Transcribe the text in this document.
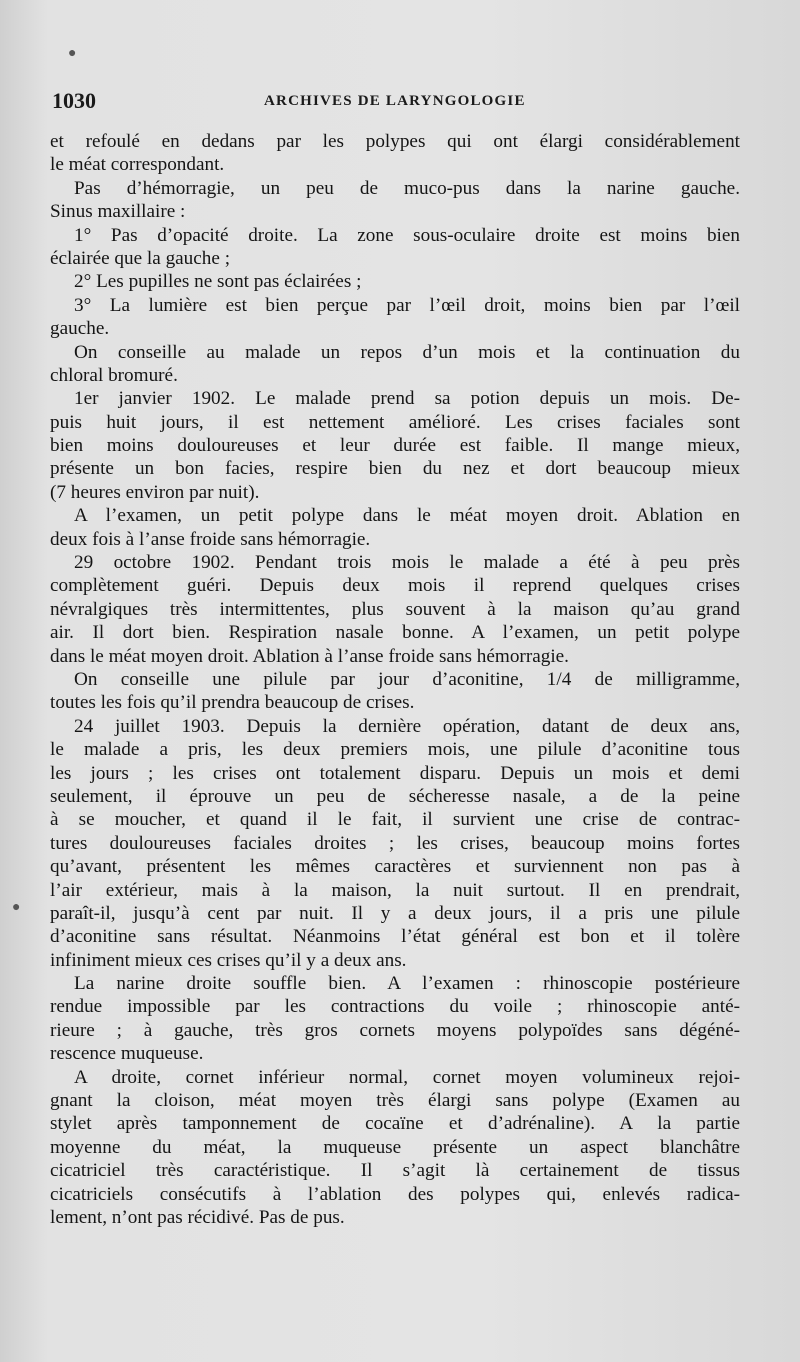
●
●
1030	ARCHIVES DE LARYNGOLOGIE
et refoulé en dedans par les polypes qui ont élargi considérablement
le méat correspondant.
Pas d’hémorragie, un peu de muco-pus dans la narine gauche.
Sinus maxillaire :
1° Pas d’opacité droite. La zone sous-oculaire droite est moins bien
éclairée que la gauche ;
2° Les pupilles ne sont pas éclairées ;
3° La lumière est bien perçue par l’œil droit, moins bien par l’œil
gauche.
On conseille au malade un repos d’un mois et la continuation du
chloral bromuré.
1er janvier 1902. Le malade prend sa potion depuis un mois. De-
puis huit jours, il est nettement amélioré. Les crises faciales sont
bien moins douloureuses et leur durée est faible. Il mange mieux,
présente un bon facies, respire bien du nez et dort beaucoup mieux
(7 heures environ par nuit).
A l’examen, un petit polype dans le méat moyen droit. Ablation en
deux fois à l’anse froide sans hémorragie.
29 octobre 1902. Pendant trois mois le malade a été à peu près
complètement guéri. Depuis deux mois il reprend quelques crises
névralgiques très intermittentes, plus souvent à la maison qu’au grand
air. Il dort bien. Respiration nasale bonne. A l’examen, un petit polype
dans le méat moyen droit. Ablation à l’anse froide sans hémorragie.
On conseille une pilule par jour d’aconitine, 1/4 de milligramme,
toutes les fois qu’il prendra beaucoup de crises.
24 juillet 1903. Depuis la dernière opération, datant de deux ans,
le malade a pris, les deux premiers mois, une pilule d’aconitine tous
les jours ; les crises ont totalement disparu. Depuis un mois et demi
seulement, il éprouve un peu de sécheresse nasale, a de la peine
à se moucher, et quand il le fait, il survient une crise de contrac-
tures douloureuses faciales droites ; les crises, beaucoup moins fortes
qu’avant, présentent les mêmes caractères et surviennent non pas à
l’air extérieur, mais à la maison, la nuit surtout. Il en prendrait,
paraît-il, jusqu’à cent par nuit. Il y a deux jours, il a pris une pilule
d’aconitine sans résultat. Néanmoins l’état général est bon et il tolère
infiniment mieux ces crises qu’il y a deux ans.
La narine droite souffle bien. A l’examen : rhinoscopie postérieure
rendue impossible par les contractions du voile ; rhinoscopie anté-
rieure ; à gauche, très gros cornets moyens polypoïdes sans dégéné-
rescence muqueuse.
A droite, cornet inférieur normal, cornet moyen volumineux rejoi-
gnant la cloison, méat moyen très élargi sans polype (Examen au
stylet après tamponnement de cocaïne et d’adrénaline). A la partie
moyenne du méat, la muqueuse présente un aspect blanchâtre
cicatriciel très caractéristique. Il s’agit là certainement de tissus
cicatriciels consécutifs à l’ablation des polypes qui, enlevés radica-
lement, n’ont pas récidivé. Pas de pus.
